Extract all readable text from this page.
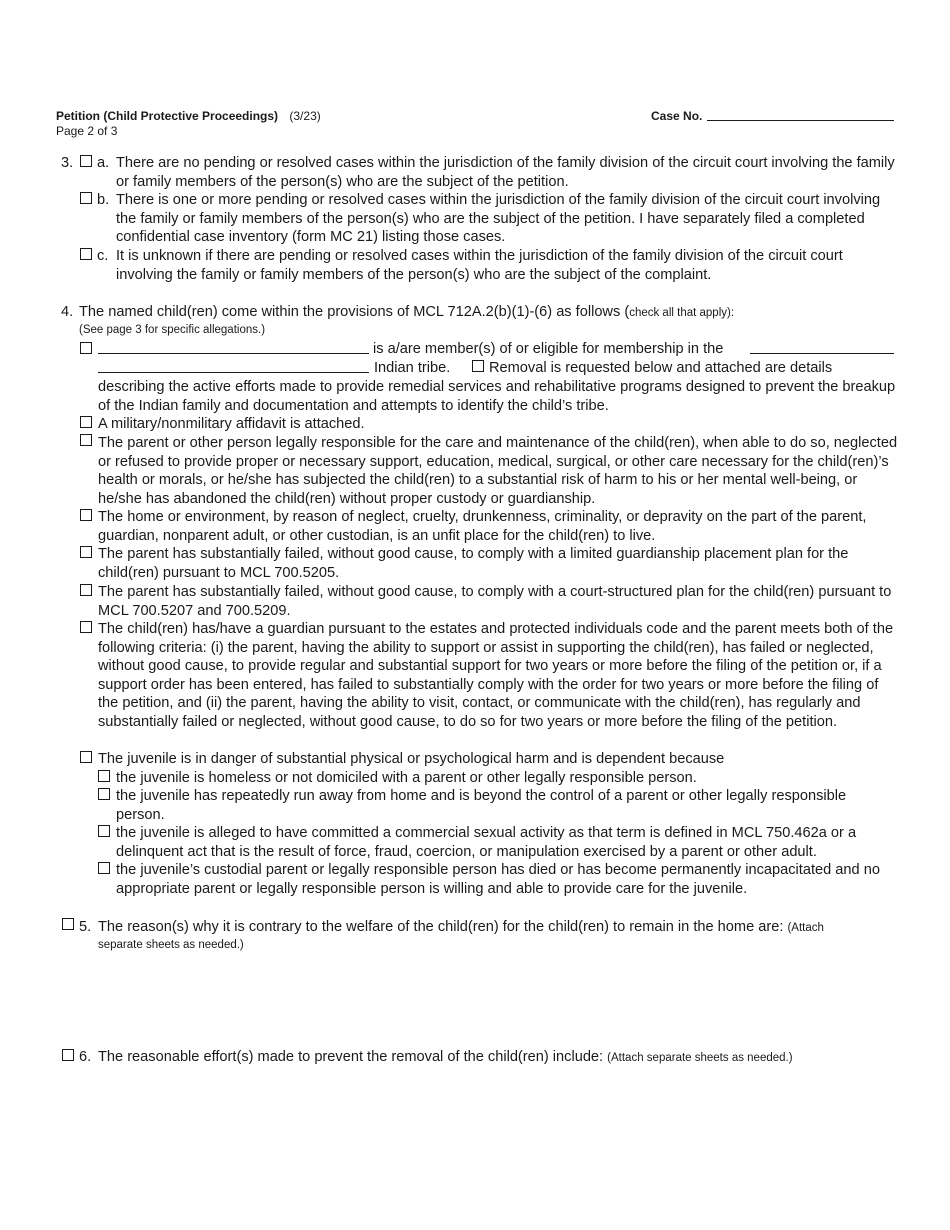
Petition (Child Protective Proceedings) (3/23)
Page 2 of 3
Case No.
3. a. There are no pending or resolved cases within the jurisdiction of the family division of the circuit court involving the family or family members of the person(s) who are the subject of the petition.
b. There is one or more pending or resolved cases within the jurisdiction of the family division of the circuit court involving the family or family members of the person(s) who are the subject of the petition. I have separately filed a completed confidential case inventory (form MC 21) listing those cases.
c. It is unknown if there are pending or resolved cases within the jurisdiction of the family division of the circuit court involving the family or family members of the person(s) who are the subject of the complaint.
4. The named child(ren) come within the provisions of MCL 712A.2(b)(1)-(6) as follows (check all that apply):
(See page 3 for specific allegations.)
is a/are member(s) of or eligible for membership in the
Indian tribe.	Removal is requested below and attached are details
describing the active efforts made to provide remedial services and rehabilitative programs designed to prevent the breakup of the Indian family and documentation and attempts to identify the child’s tribe.
A military/nonmilitary affidavit is attached.
The parent or other person legally responsible for the care and maintenance of the child(ren), when able to do so, neglected or refused to provide proper or necessary support, education, medical, surgical, or other care necessary for the child(ren)’s health or morals, or he/she has subjected the child(ren) to a substantial risk of harm to his or her mental well-being, or he/she has abandoned the child(ren) without proper custody or guardianship.
The home or environment, by reason of neglect, cruelty, drunkenness, criminality, or depravity on the part of the parent, guardian, nonparent adult, or other custodian, is an unfit place for the child(ren) to live.
The parent has substantially failed, without good cause, to comply with a limited guardianship placement plan for the child(ren) pursuant to MCL 700.5205.
The parent has substantially failed, without good cause, to comply with a court-structured plan for the child(ren) pursuant to MCL 700.5207 and 700.5209.
The child(ren) has/have a guardian pursuant to the estates and protected individuals code and the parent meets both of the following criteria: (i) the parent, having the ability to support or assist in supporting the child(ren), has failed or neglected, without good cause, to provide regular and substantial support for two years or more before the filing of the petition or, if a support order has been entered, has failed to substantially comply with the order for two years or more before the filing of the petition, and (ii) the parent, having the ability to visit, contact, or communicate with the child(ren), has regularly and substantially failed or neglected, without good cause, to do so for two years or more before the filing of the petition.
The juvenile is in danger of substantial physical or psychological harm and is dependent because
the juvenile is homeless or not domiciled with a parent or other legally responsible person.
the juvenile has repeatedly run away from home and is beyond the control of a parent or other legally responsible person.
the juvenile is alleged to have committed a commercial sexual activity as that term is defined in MCL 750.462a or a delinquent act that is the result of force, fraud, coercion, or manipulation exercised by a parent or other adult.
the juvenile’s custodial parent or legally responsible person has died or has become permanently incapacitated and no appropriate parent or legally responsible person is willing and able to provide care for the juvenile.
5. The reason(s) why it is contrary to the welfare of the child(ren) for the child(ren) to remain in the home are: (Attach
separate sheets as needed.)
6. The reasonable effort(s) made to prevent the removal of the child(ren) include: (Attach separate sheets as needed.)
